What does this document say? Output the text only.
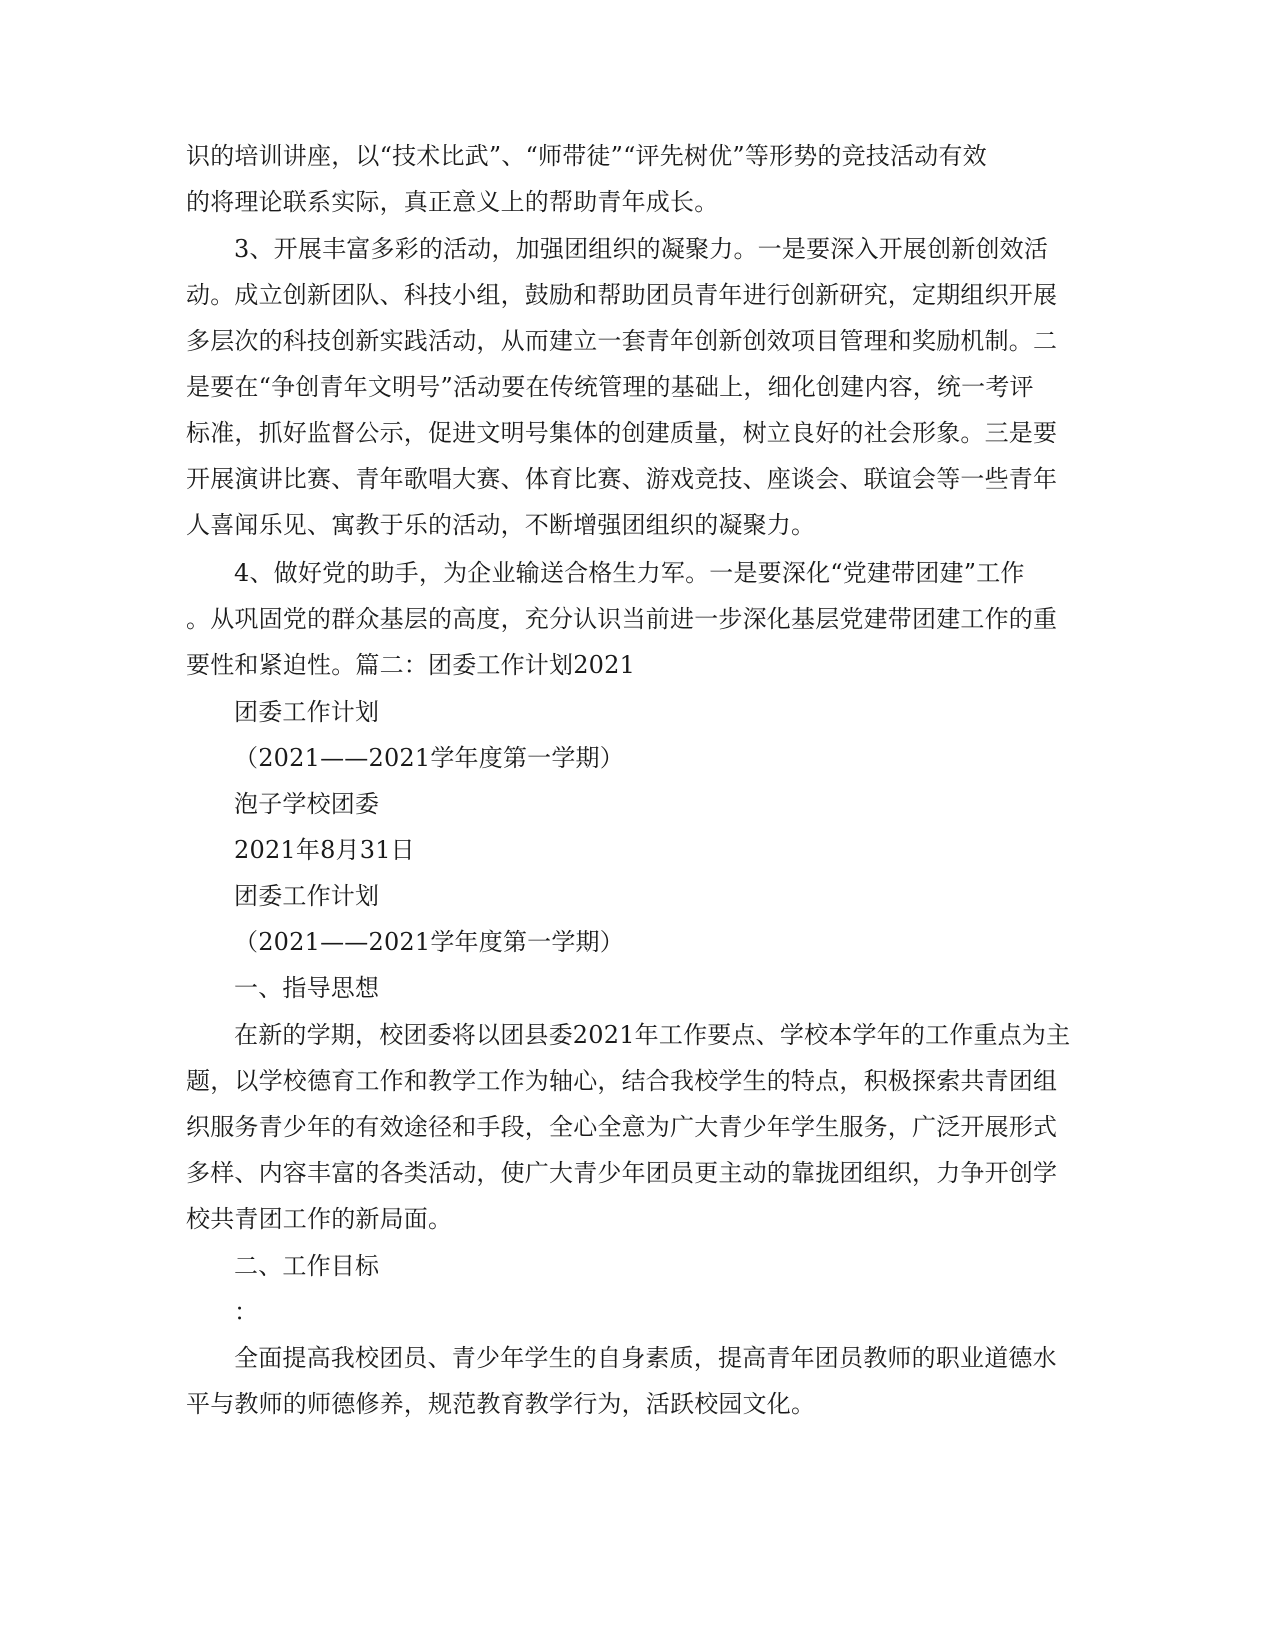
识的培训讲座，以“技术比武”、“师带徒”“评先树优”等形势的竞技活动有效
的将理论联系实际，真正意义上的帮助青年成长。
3、开展丰富多彩的活动，加强团组织的凝聚力。一是要深入开展创新创效活
动。成立创新团队、科技小组，鼓励和帮助团员青年进行创新研究，定期组织开展
多层次的科技创新实践活动，从而建立一套青年创新创效项目管理和奖励机制。二
是要在“争创青年文明号”活动要在传统管理的基础上，细化创建内容，统一考评
标准，抓好监督公示，促进文明号集体的创建质量，树立良好的社会形象。三是要
开展演讲比赛、青年歌唱大赛、体育比赛、游戏竞技、座谈会、联谊会等一些青年
人喜闻乐见、寓教于乐的活动，不断增强团组织的凝聚力。
4、做好党的助手，为企业输送合格生力军。一是要深化“党建带团建”工作
。从巩固党的群众基层的高度，充分认识当前进一步深化基层党建带团建工作的重
要性和紧迫性。篇二：团委工作计划2021
团委工作计划
（2021——2021学年度第一学期）
泡子学校团委
2021年8月31日
团委工作计划
（2021——2021学年度第一学期）
一、指导思想
在新的学期，校团委将以团县委2021年工作要点、学校本学年的工作重点为主
题，以学校德育工作和教学工作为轴心，结合我校学生的特点，积极探索共青团组
织服务青少年的有效途径和手段，全心全意为广大青少年学生服务，广泛开展形式
多样、内容丰富的各类活动，使广大青少年团员更主动的靠拢团组织，力争开创学
校共青团工作的新局面。
二、工作目标
：
全面提高我校团员、青少年学生的自身素质，提高青年团员教师的职业道德水
平与教师的师德修养，规范教育教学行为，活跃校园文化。
